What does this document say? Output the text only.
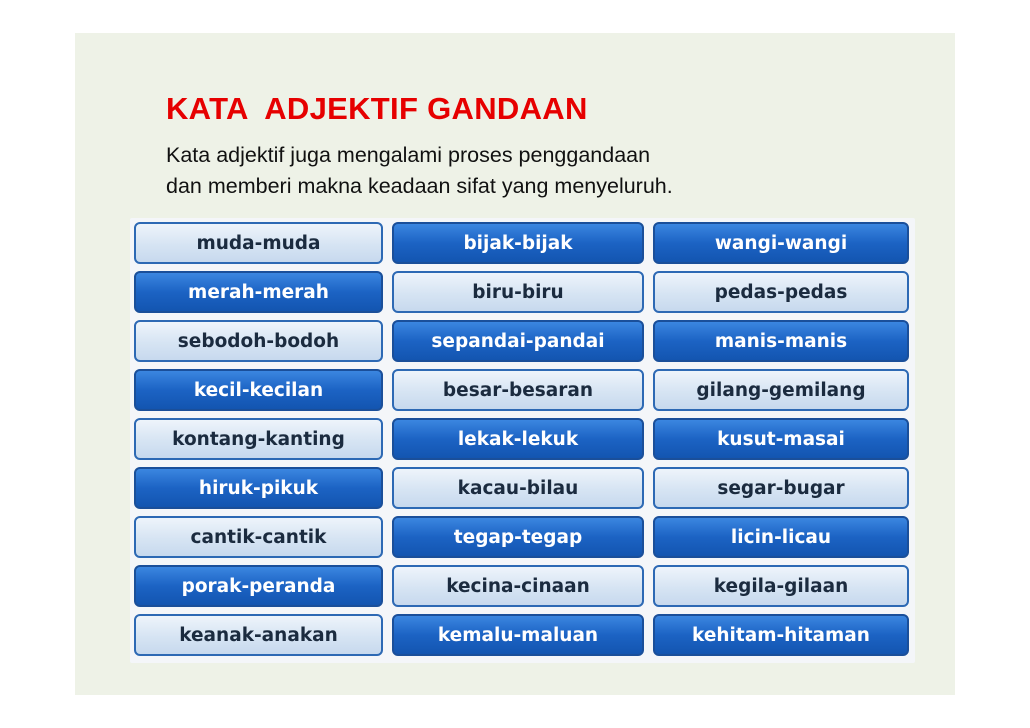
KATA  ADJEKTIF GANDAAN
Kata adjektif juga mengalami proses penggandaan
dan memberi makna keadaan sifat yang menyeluruh.
muda-muda	bijak-bijak	wangi-wangi
merah-merah	biru-biru	pedas-pedas
sebodoh-bodoh	sepandai-pandai	manis-manis
kecil-kecilan	besar-besaran	gilang-gemilang
kontang-kanting	lekak-lekuk	kusut-masai
hiruk-pikuk	kacau-bilau	segar-bugar
cantik-cantik	tegap-tegap	licin-licau
porak-peranda	kecina-cinaan	kegila-gilaan
keanak-anakan	kemalu-maluan	kehitam-hitaman
